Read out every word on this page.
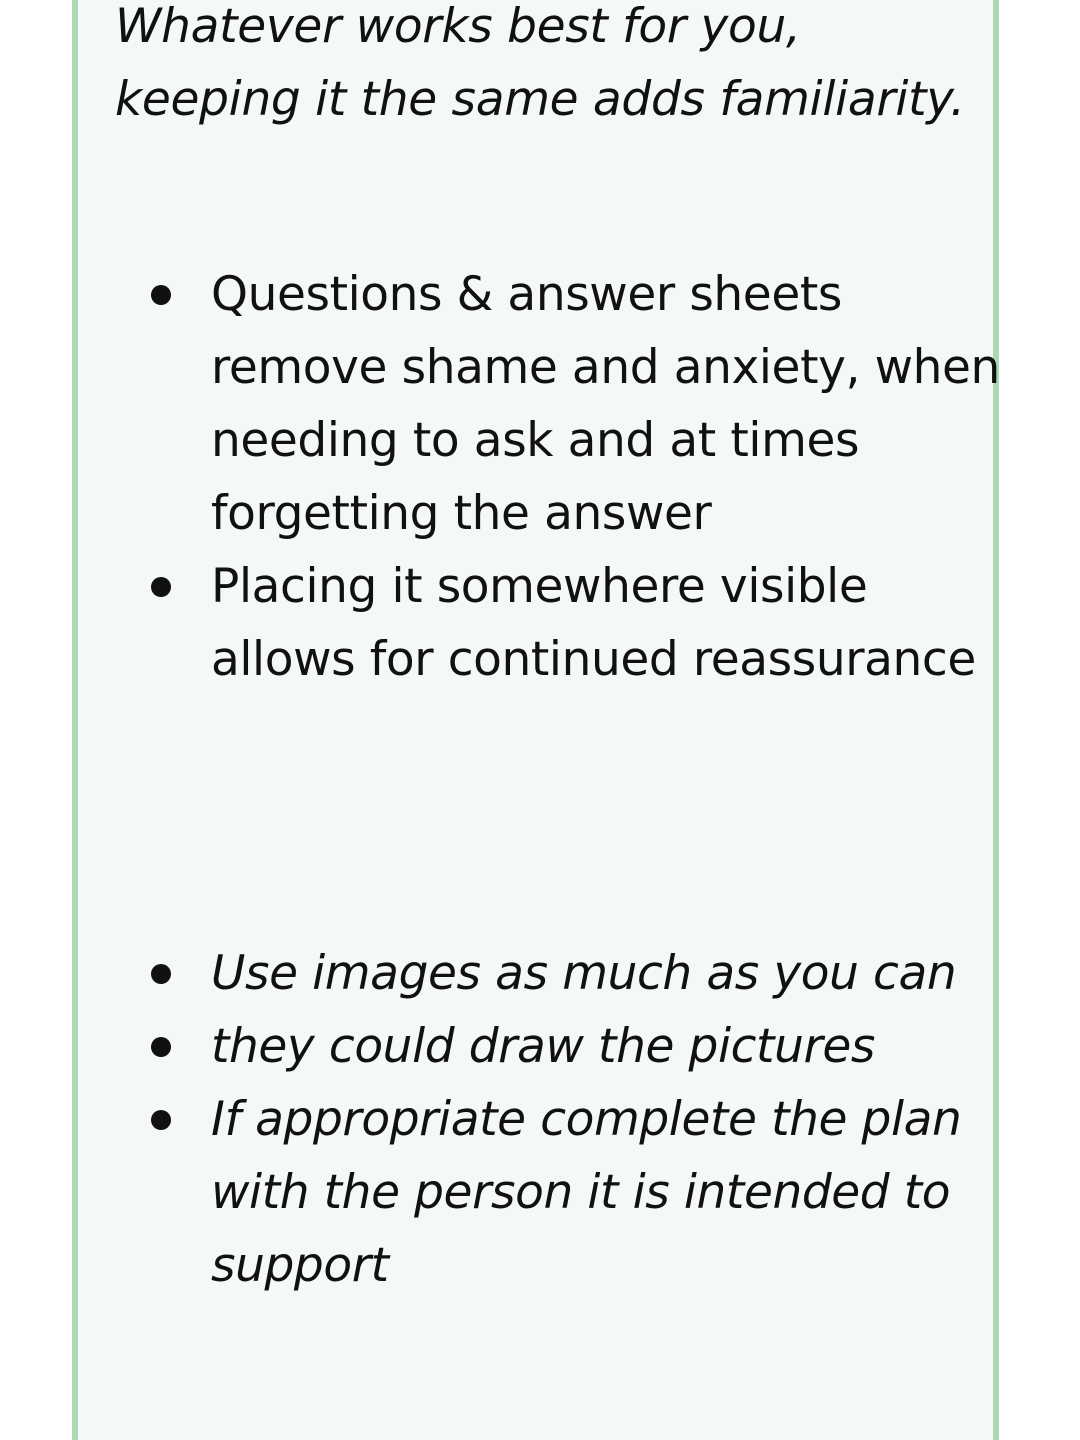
Whatever works best for you, keeping it the same adds familiarity.

Questions & answer sheets remove shame and anxiety, when needing to ask and at times forgetting the answer
Placing it somewhere visible allows for continued reassurance
Use images as much as you can
they could draw the pictures
If appropriate complete the plan with the person it is intended to support
